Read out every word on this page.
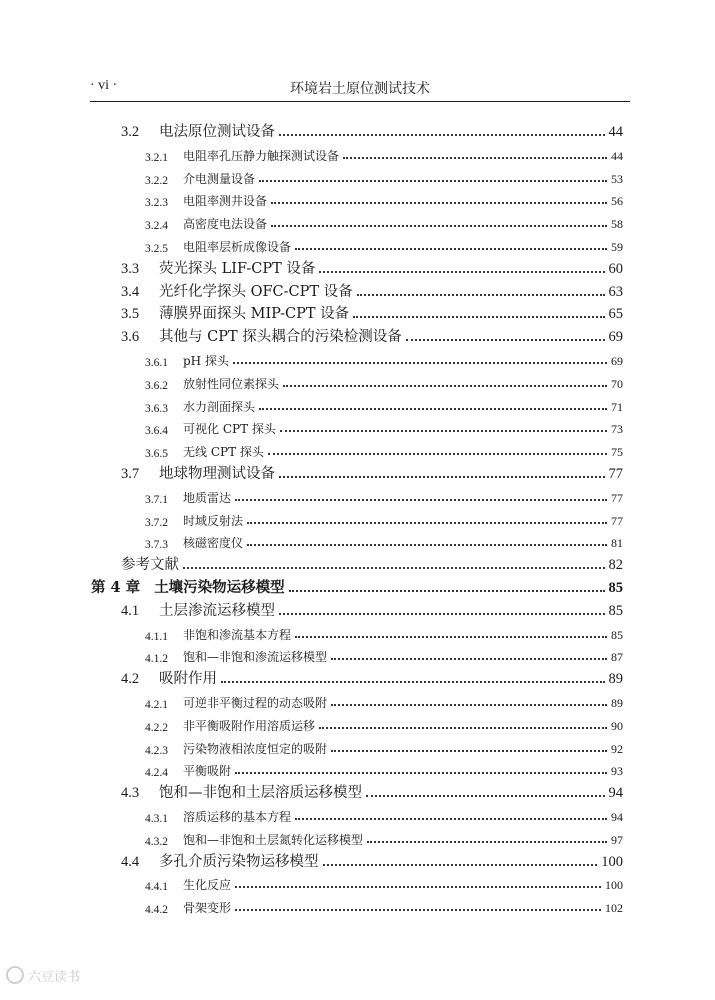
· vi ·	环境岩土原位测试技术
3.2	电法原位测试设备	44
3.2.1	电阻率孔压静力触探测试设备	44
3.2.2	介电测量设备	53
3.2.3	电阻率测井设备	56
3.2.4	高密度电法设备	58
3.2.5	电阻率层析成像设备	59
3.3	荧光探头 LIF-CPT 设备	60
3.4	光纤化学探头 OFC-CPT 设备	63
3.5	薄膜界面探头 MIP-CPT 设备	65
3.6	其他与 CPT 探头耦合的污染检测设备	69
3.6.1	pH 探头	69
3.6.2	放射性同位素探头	70
3.6.3	水力剖面探头	71
3.6.4	可视化 CPT 探头	73
3.6.5	无线 CPT 探头	75
3.7	地球物理测试设备	77
3.7.1	地质雷达	77
3.7.2	时域反射法	77
3.7.3	核磁密度仪	81
参考文献	82
第 4 章 土壤污染物运移模型	85
4.1	土层渗流运移模型	85
4.1.1	非饱和渗流基本方程	85
4.1.2	饱和—非饱和渗流运移模型	87
4.2	吸附作用	89
4.2.1	可逆非平衡过程的动态吸附	89
4.2.2	非平衡吸附作用溶质运移	90
4.2.3	污染物液相浓度恒定的吸附	92
4.2.4	平衡吸附	93
4.3	饱和—非饱和土层溶质运移模型	94
4.3.1	溶质运移的基本方程	94
4.3.2	饱和—非饱和土层氮转化运移模型	97
4.4	多孔介质污染物运移模型	100
4.4.1	生化反应	100
4.4.2	骨架变形	102
六豆读书
